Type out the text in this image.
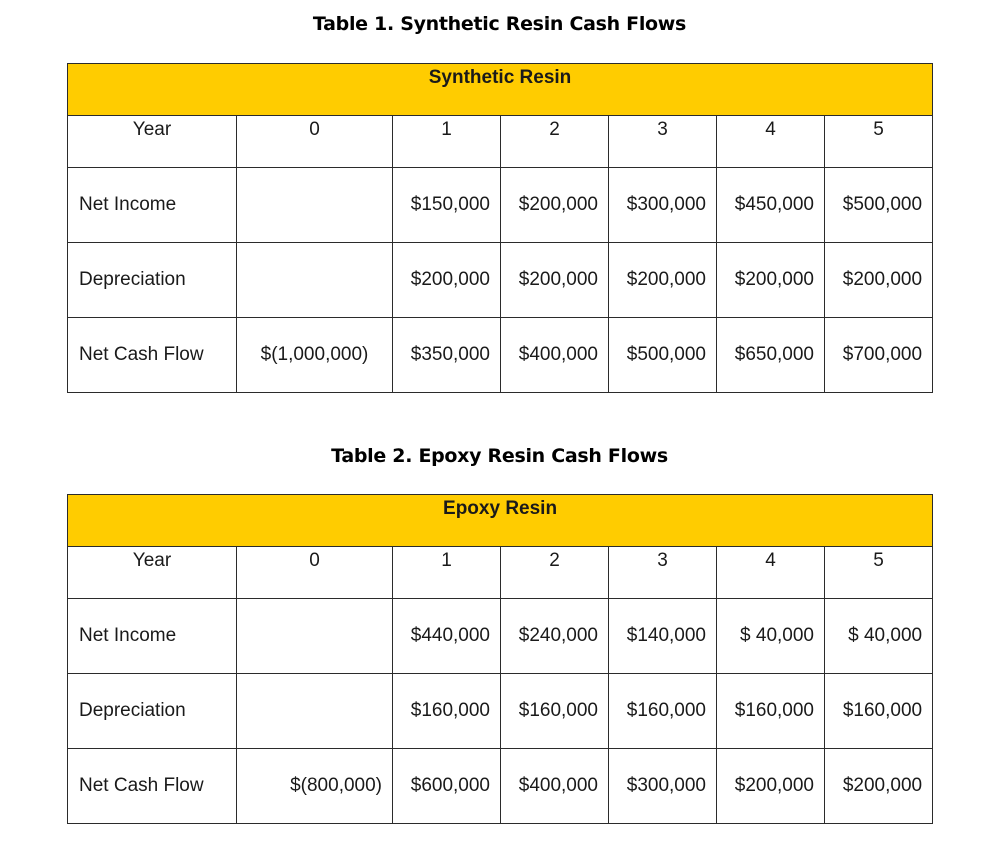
Table 1. Synthetic Resin Cash Flows
Synthetic Resin						
Year	0	1	2	3	4	5
Net Income		$150,000	$200,000	$300,000	$450,000	$500,000
Depreciation		$200,000	$200,000	$200,000	$200,000	$200,000
Net Cash Flow	$(1,000,000)	$350,000	$400,000	$500,000	$650,000	$700,000
Table 2. Epoxy Resin Cash Flows
Epoxy Resin						
Year	0	1	2	3	4	5
Net Income		$440,000	$240,000	$140,000	$ 40,000	$ 40,000
Depreciation		$160,000	$160,000	$160,000	$160,000	$160,000
Net Cash Flow	$(800,000)	$600,000	$400,000	$300,000	$200,000	$200,000
